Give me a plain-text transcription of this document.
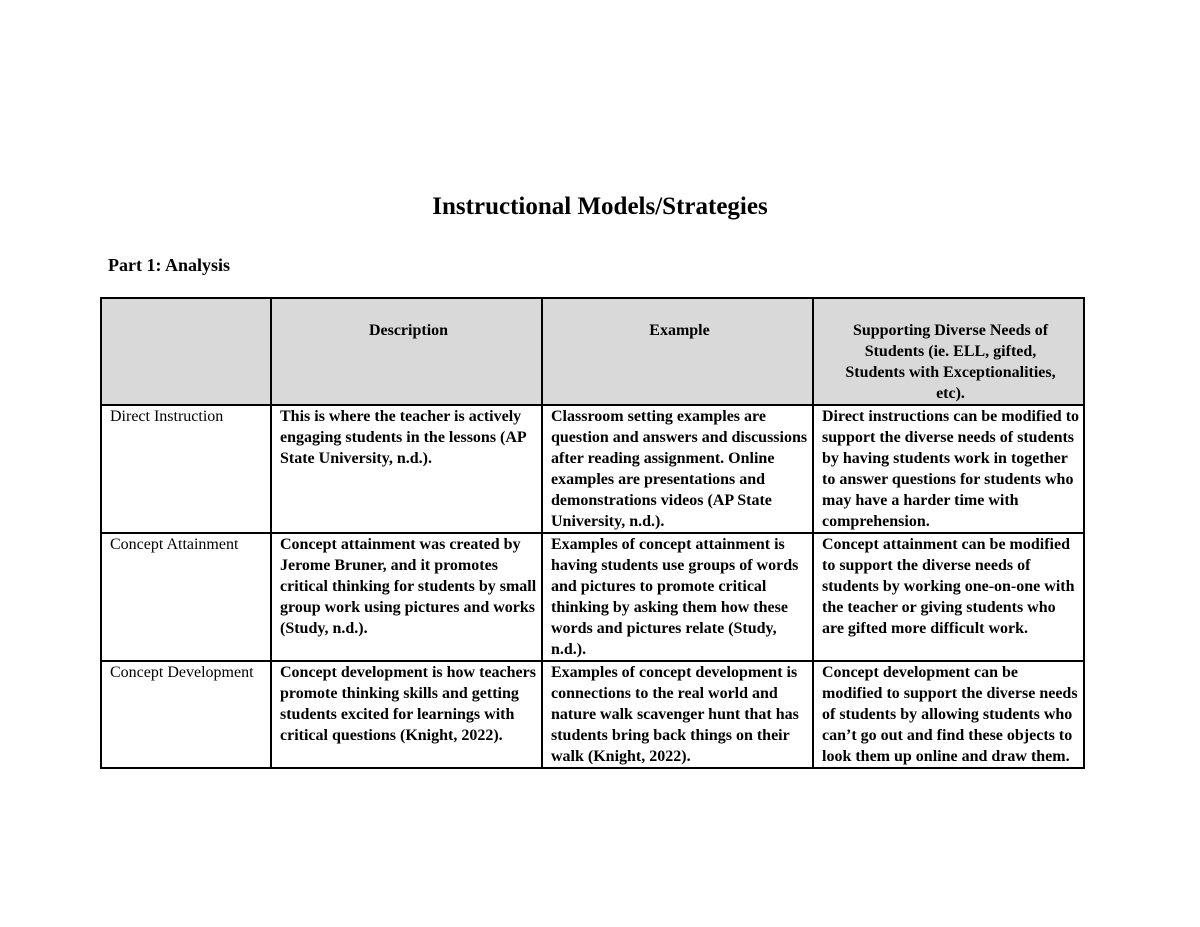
Instructional Models/Strategies
Part 1: Analysis
	Description	Example	Supporting Diverse Needs of Students (ie. ELL, gifted, Students with Exceptionalities, etc).

Direct Instruction	This is where the teacher is actively engaging students in the lessons (AP State University, n.d.).	Classroom setting examples are question and answers and discussions after reading assignment. Online examples are presentations and demonstrations videos (AP State University, n.d.).	Direct instructions can be modified to support the diverse needs of students by having students work in together to answer questions for students who may have a harder time with comprehension.
Concept Attainment	Concept attainment was created by Jerome Bruner, and it promotes critical thinking for students by small group work using pictures and works (Study, n.d.).	Examples of concept attainment is having students use groups of words and pictures to promote critical thinking by asking them how these words and pictures relate (Study, n.d.).	Concept attainment can be modified to support the diverse needs of students by working one-on-one with the teacher or giving students who are gifted more difficult work.
Concept Development	Concept development is how teachers promote thinking skills and getting students excited for learnings with critical questions (Knight, 2022).	Examples of concept development is connections to the real world and nature walk scavenger hunt that has students bring back things on their walk (Knight, 2022).	Concept development can be modified to support the diverse needs of students by allowing students who can’t go out and find these objects to look them up online and draw them.
